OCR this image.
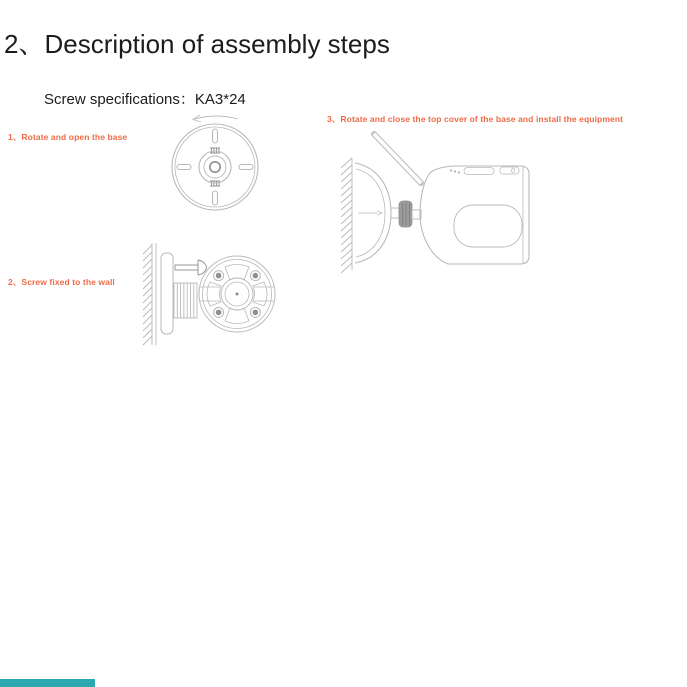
2、Description of assembly steps
Screw specifications：KA3*24
1、Rotate and open the base
2、Screw fixed to the wall
3、Rotate and close the top cover of the base and install the equipment
